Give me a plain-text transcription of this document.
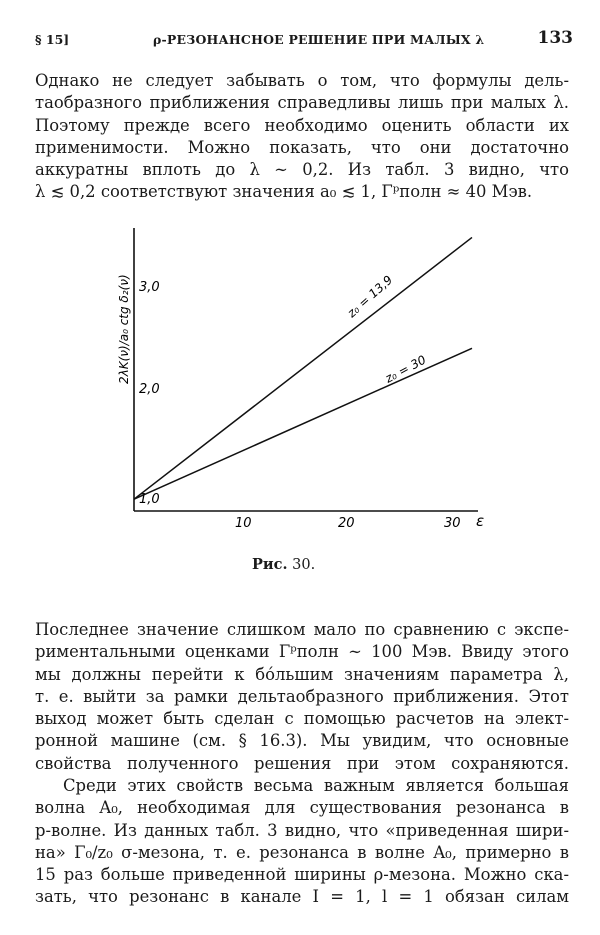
§ 15]	ρ-РЕЗОНАНСНОЕ РЕШЕНИЕ ПРИ МАЛЫХ λ	133
Однако не следует забывать о том, что формулы дель-
таобразного приближения справедливы лишь при малых λ.
Поэтому прежде всего необходимо оценить области их
применимости. Можно показать, что они достаточно
аккуратны вплоть до λ ∼ 0,2. Из табл. 3 видно, что
λ ≲ 0,2 соответствуют значения a₀ ≲ 1, Γᵖполн ≈ 40 Мэв.
1,0
2,0
3,0
10	20	30 ε
2λK(ν)/a₀ ctg δ₂(ν)	z₀ = 13,9
z₀ = 30
Рис. 30.
Последнее значение слишком мало по сравнению с экспе-
риментальными оценками Γᵖполн ∼ 100 Мэв. Ввиду этого
мы должны перейти к бо́льшим значениям параметра λ,
т. е. выйти за рамки дельтаобразного приближения. Этот
выход может быть сделан с помощью расчетов на элект-
ронной машине (см. § 16.3). Мы увидим, что основные
свойства полученного решения при этом сохраняются.
Среди этих свойств весьма важным является большая
волна A₀, необходимая для существования резонанса в
p-волне. Из данных табл. 3 видно, что «приведенная шири-
на» Γ₀/z₀ σ-мезона, т. е. резонанса в волне A₀, примерно в
15 раз больше приведенной ширины ρ-мезона. Можно ска-
зать, что резонанс в канале I = 1, l = 1 обязан силам
